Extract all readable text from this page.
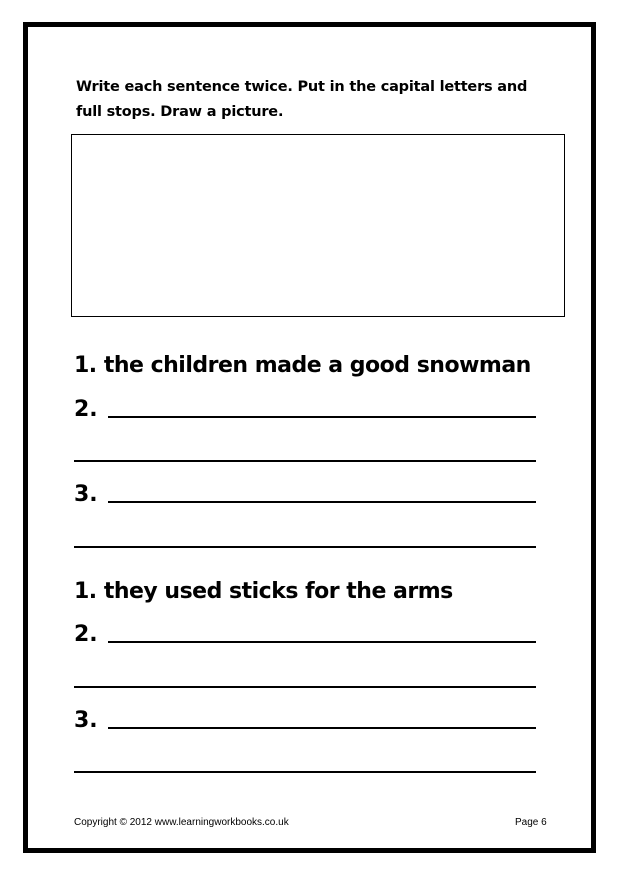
Write each sentence twice. Put in the capital letters and
full stops. Draw a picture.
1. the children made a good snowman
2.
3.
1. they used sticks for the arms
2.
3.
Copyright © 2012 www.learningworkbooks.co.uk	Page 6
